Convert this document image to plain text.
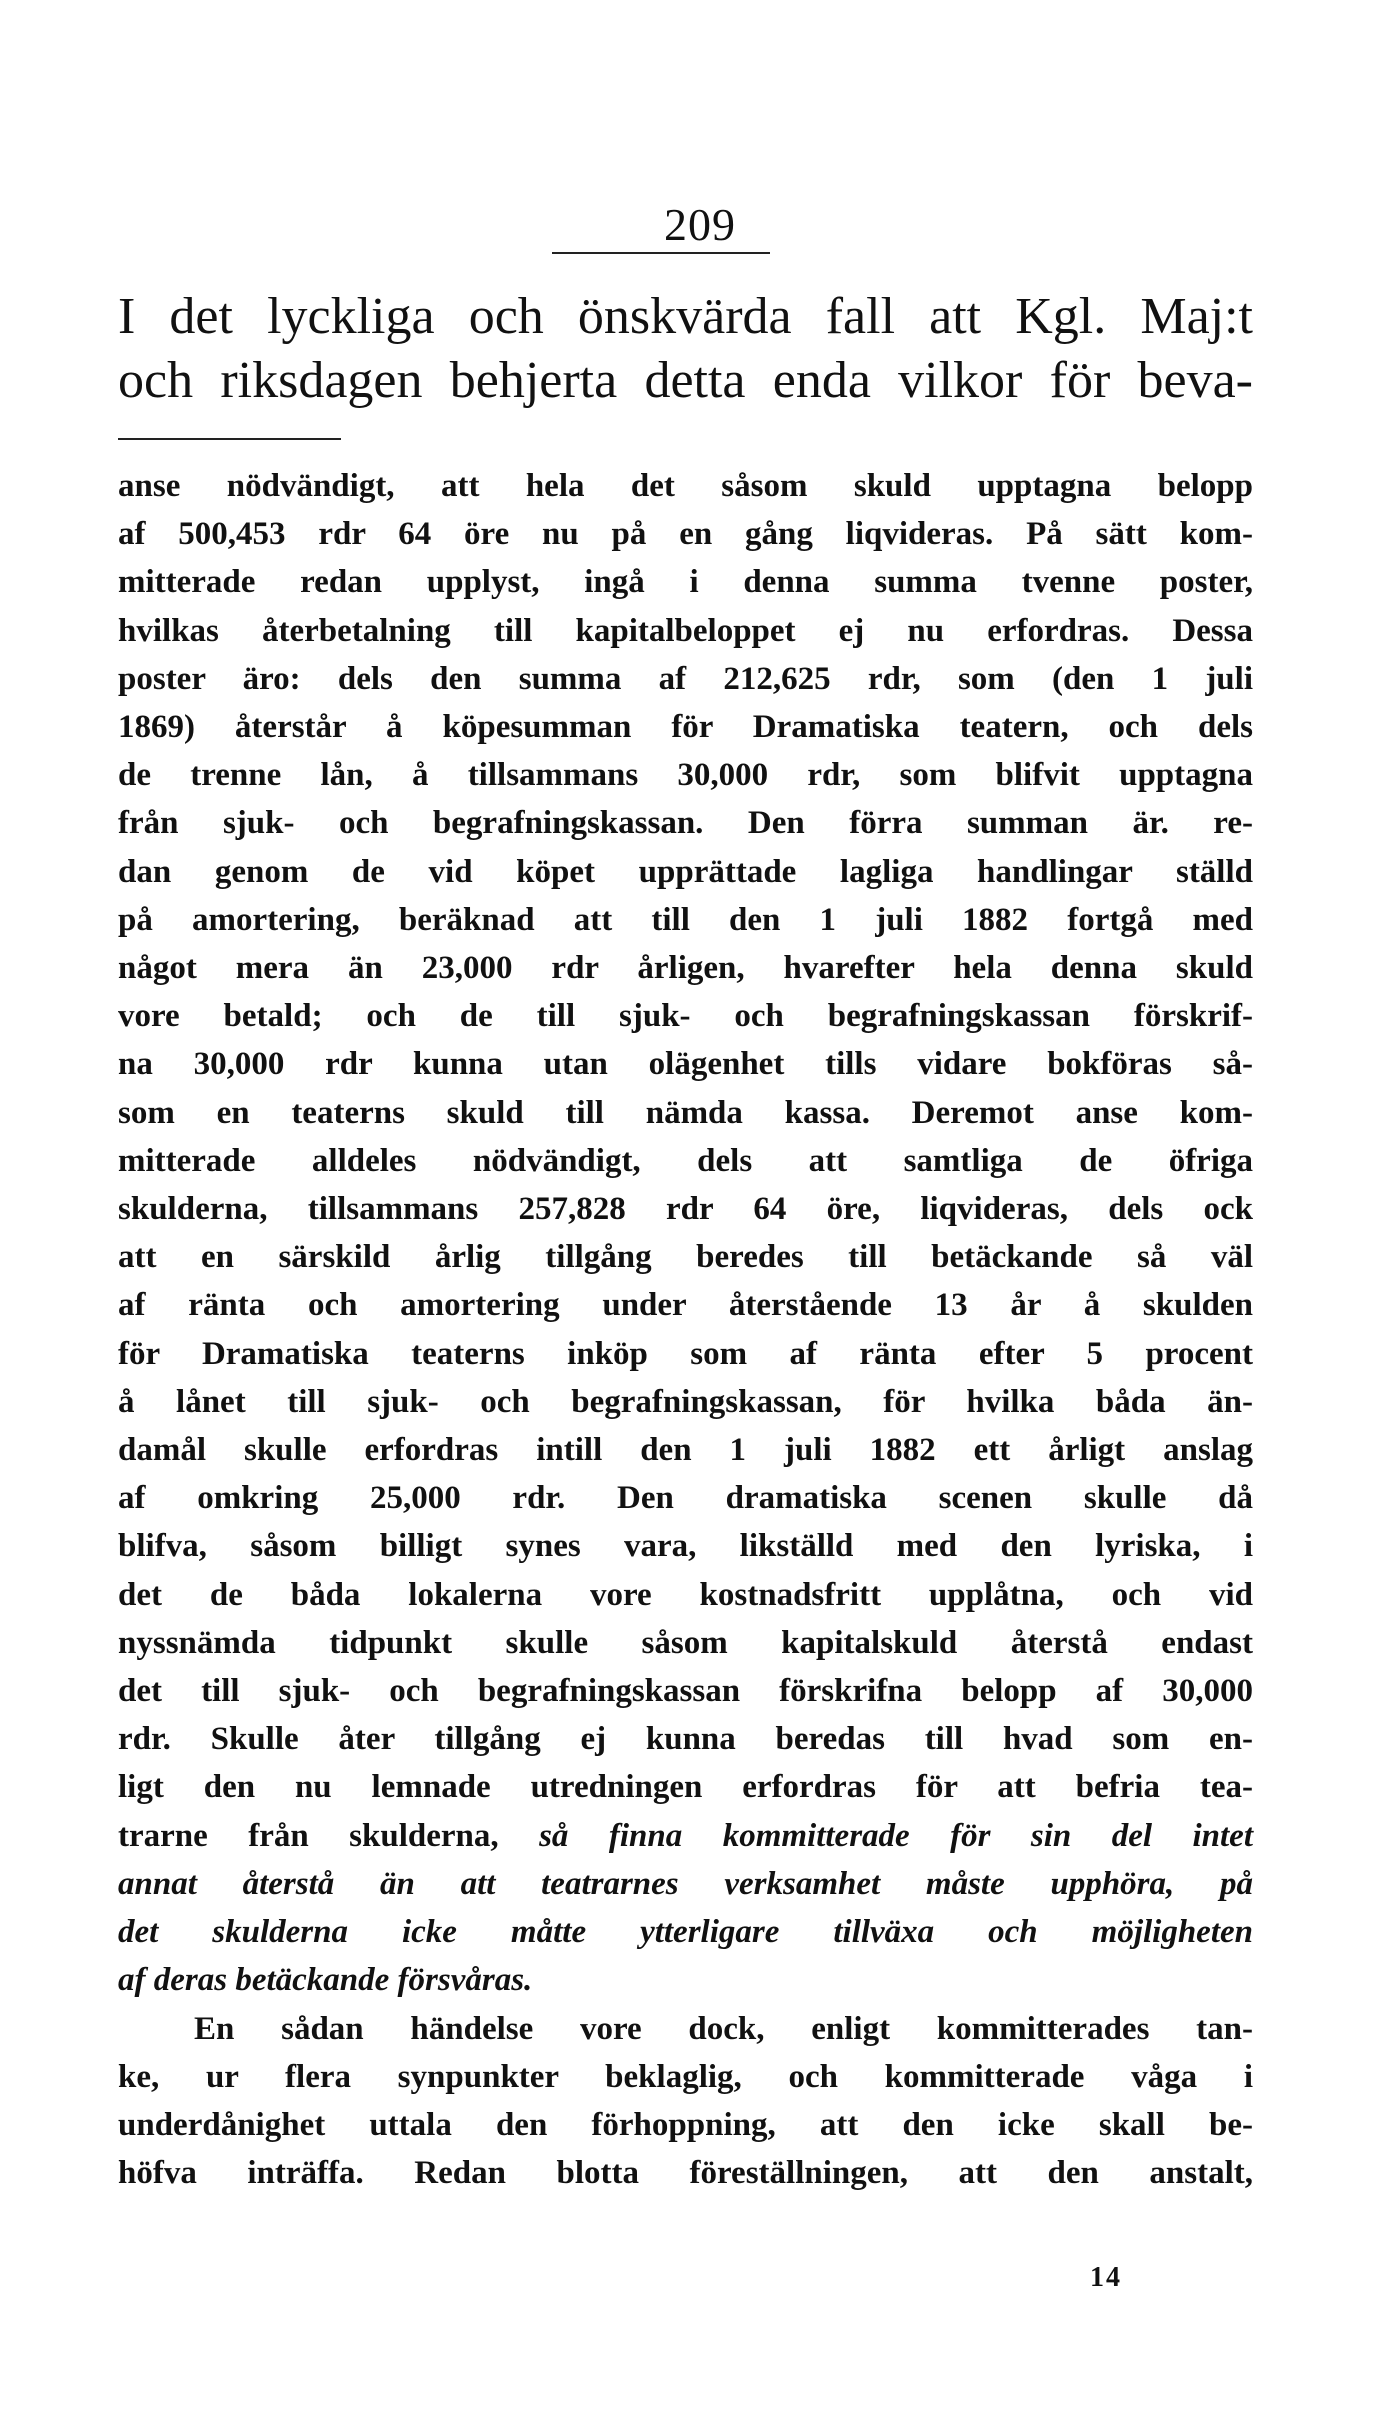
209
I det lyckliga och önskvärda fall att Kgl. Maj:t
och riksdagen behjerta detta enda vilkor för beva-
anse nödvändigt, att hela det såsom skuld upptagna belopp
af 500,453 rdr 64 öre nu på en gång liqvideras. På sätt kom-
mitterade redan upplyst, ingå i denna summa tvenne poster,
hvilkas återbetalning till kapitalbeloppet ej nu erfordras. Dessa
poster äro: dels den summa af 212,625 rdr, som (den 1 juli
1869) återstår å köpesumman för Dramatiska teatern, och dels
de trenne lån, å tillsammans 30,000 rdr, som blifvit upptagna
från sjuk- och begrafningskassan. Den förra summan är. re-
dan genom de vid köpet upprättade lagliga handlingar ställd
på amortering, beräknad att till den 1 juli 1882 fortgå med
något mera än 23,000 rdr årligen, hvarefter hela denna skuld
vore betald; och de till sjuk- och begrafningskassan förskrif-
na 30,000 rdr kunna utan olägenhet tills vidare bokföras så-
som en teaterns skuld till nämda kassa. Deremot anse kom-
mitterade alldeles nödvändigt, dels att samtliga de öfriga
skulderna, tillsammans 257,828 rdr 64 öre, liqvideras, dels ock
att en särskild årlig tillgång beredes till betäckande så väl
af ränta och amortering under återstående 13 år å skulden
för Dramatiska teaterns inköp som af ränta efter 5 procent
å lånet till sjuk- och begrafningskassan, för hvilka båda än-
damål skulle erfordras intill den 1 juli 1882 ett årligt anslag
af omkring 25,000 rdr. Den dramatiska scenen skulle då
blifva, såsom billigt synes vara, likställd med den lyriska, i
det de båda lokalerna vore kostnadsfritt upplåtna, och vid
nyssnämda tidpunkt skulle såsom kapitalskuld återstå endast
det till sjuk- och begrafningskassan förskrifna belopp af 30,000
rdr. Skulle åter tillgång ej kunna beredas till hvad som en-
ligt den nu lemnade utredningen erfordras för att befria tea-
trarne från skulderna, så finna kommitterade för sin del intet
annat återstå än att teatrarnes verksamhet måste upphöra, på
det skulderna icke måtte ytterligare tillväxa och möjligheten
af deras betäckande försvåras.
En sådan händelse vore dock, enligt kommitterades tan-
ke, ur flera synpunkter beklaglig, och kommitterade våga i
underdånighet uttala den förhoppning, att den icke skall be-
höfva inträffa. Redan blotta föreställningen, att den anstalt,
14
